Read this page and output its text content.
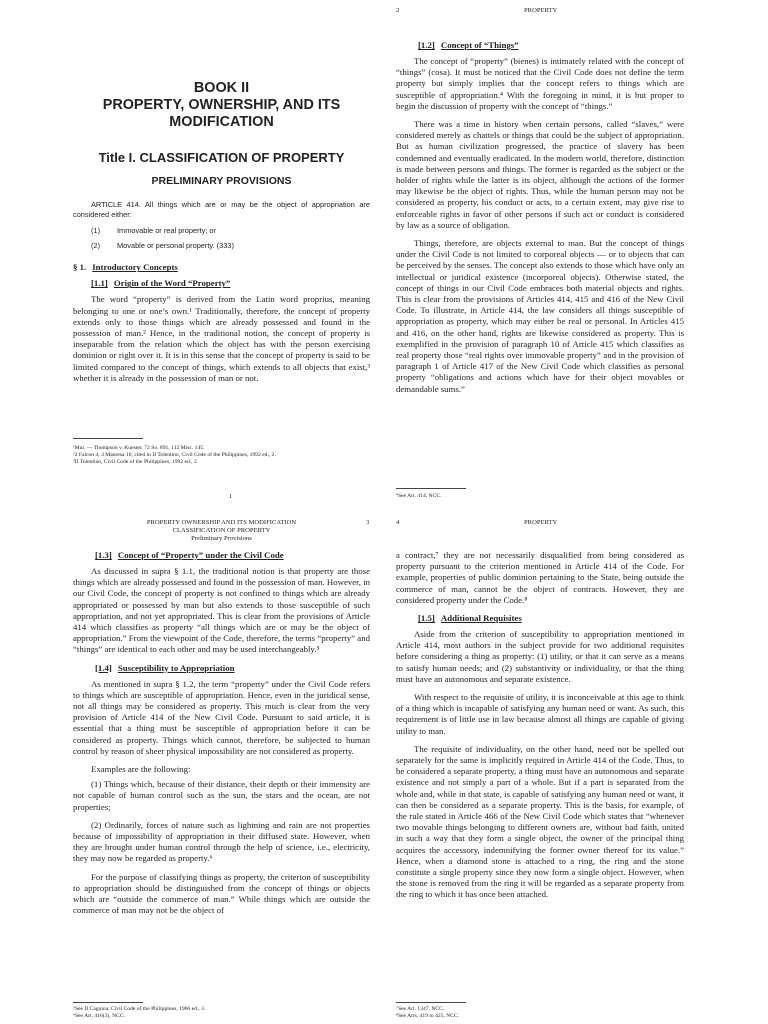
BOOK II
PROPERTY, OWNERSHIP, AND ITS MODIFICATION
Title I. CLASSIFICATION OF PROPERTY
PRELIMINARY PROVISIONS

ARTICLE 414. All things which are or may be the object of appropriation are considered either:

(1)	Immovable or real property; or
(2)	Movable or personal property. (333)
§ 1. Introductory Concepts
[1.1] Origin of the Word “Property”

The word “property” is derived from the Latin word proprius, meaning belonging to one or one’s own.¹ Traditionally, therefore, the concept of property extends only to those things which are already possessed and found in the possession of man.² Hence, in the traditional notion, the concept of property is inseparable from the relation which the object has with the person exercising dominion or right over it. It is in this sense that the concept of property is said to be limited compared to the concept of things, which extends to all objects that exist,³ whether it is already in the possession of man or not.

¹Mur. — Thompson v. Kuester, 72 So. 891, 112 Misc. 145.
²2 Falcon 4, 3 Manresa 10, cited in II Tolentino, Civil Code of the Philippines, 1992 ed., 2.
³II Tolentino, Civil Code of the Philippines, 1992 ed., 2.
1
2	PROPERTY
[1.2] Concept of “Things”

The concept of “property” (bienes) is intimately related with the concept of “things” (cosa). It must be noticed that the Civil Code does not define the term property but simply implies that the concept refers to things which are susceptible of appropriation.⁴ With the foregoing in mind, it is but proper to begin the discussion of property with the concept of “things.”

There was a time in history when certain persons, called “slaves,” were considered merely as chattels or things that could be the subject of appropriation. But as human civilization progressed, the practice of slavery has been condemned and eventually eradicated. In the modern world, therefore, distinction is made between persons and things. The former is regarded as the subject or the holder of rights while the latter is its object, although the actions of the former may likewise be the object of rights. Thus, while the human person may not be considered as property, his conduct or acts, to a certain extent, may give rise to enforceable rights in favor of other persons if such act or conduct is considered by law as a source of obligation.

Things, therefore, are objects external to man. But the concept of things under the Civil Code is not limited to corporeal objects — or to objects that can be perceived by the senses. The concept also extends to those which have only an intellectual or juridical existence (incorporeal objects). Otherwise stated, the concept of things in our Civil Code embraces both material objects and rights. This is clear from the provisions of Articles 414, 415 and 416 of the New Civil Code. To illustrate, in Article 414, the law considers all things susceptible of appropriation as property, which may either be real or personal. In Articles 415 and 416, on the other hand, rights are likewise considered as property. This is exemplified in the provision of paragraph 10 of Article 415 which classifies as real property those “real rights over immovable property” and in the provision of paragraph 1 of Article 417 of the New Civil Code which classifies as personal property “obligations and actions which have for their object movables or demandable sums.”

⁴See Art. 414, NCC.
PROPERTY OWNERSHIP AND ITS MODIFICATION
CLASSIFICATION OF PROPERTY
Preliminary Provisions
3
[1.3] Concept of “Property” under the Civil Code

As discussed in supra § 1.1, the traditional notion is that property are those things which are already possessed and found in the possession of man. However, in our Civil Code, the concept of property is not confined to things which are already appropriated or possessed by man but also extends to those susceptible of such appropriation, and not yet appropriated. This is clear from the provisions of Article 414 which classifies as property “all things which are or may be the object of appropriation.” From the viewpoint of the Code, therefore, the terms “property” and “things” are identical to each other and may be used interchangeably.⁵

[1.4] Susceptibility to Appropriation

As mentioned in supra § 1.2, the term “property” under the Civil Code refers to things which are susceptible of appropriation. Hence, even in the juridical sense, not all things may be considered as property. This much is clear from the very provision of Article 414 of the New Civil Code. Pursuant to said article, it is essential that a thing must be susceptible of appropriation before it can be considered as property. Things which cannot, therefore, be subjected to human control by reason of sheer physical impossibility are not considered as property.

Examples are the following:

(1) Things which, because of their distance, their depth or their immensity are not capable of human control such as the sun, the stars and the ocean, are not properties;

(2) Ordinarily, forces of nature such as lightning and rain are not properties because of impossibility of appropriation in their diffused state. However, when they are brought under human control through the help of science, i.e., electricity, they may now be regarded as property.⁶

For the purpose of classifying things as property, the criterion of susceptibility to appropriation should be distinguished from the concept of things or objects which are “outside the commerce of man.” While things which are outside the commerce of man may not be the object of

⁵See II Caguioa, Civil Code of the Philippines, 1966 ed., 3.
⁶See Art. 416(3), NCC.
4	PROPERTY

a contract,⁷ they are not necessarily disqualified from being considered as property pursuant to the criterion mentioned in Article 414 of the Code. For example, properties of public dominion pertaining to the State, being outside the commerce of man, cannot be the object of contracts. However, they are considered property under the Code.⁸

[1.5] Additional Requisites

Aside from the criterion of susceptibility to appropriation mentioned in Article 414, most authors in the subject provide for two additional requisites before considering a thing as property: (1) utility, or that it can serve as a means to satisfy human needs; and (2) substantivity or individuality, or that the thing must have an autonomous and separate existence.

With respect to the requisite of utility, it is inconceivable at this age to think of a thing which is incapable of satisfying any human need or want. As such, this requirement is of little use in law because almost all things are capable of giving utility to man.

The requisite of individuality, on the other hand, need not be spelled out separately for the same is implicitly required in Article 414 of the Code. Thus, to be considered a separate property, a thing must have an autonomous and separate existence and not simply a part of a whole. But if a part is separated from the whole and, while in that state, is capable of satisfying any human need or want, it can then be considered as a separate property. This is the basis, for example, of the rule stated in Article 466 of the New Civil Code which states that “whenever two movable things belonging to different owners are, without bad faith, united in such a way that they form a single object, the owner of the principal thing acquires the accessory, indemnifying the former owner thereof for its value.” Hence, when a diamond stone is attached to a ring, the ring and the stone constitute a single property since they now form a single object. However, when the stone is removed from the ring it will be regarded as a separate property from the ring to which it has once been attached.

⁷See Art. 1347, NCC.
⁸See Arts. 419 to 425, NCC.
